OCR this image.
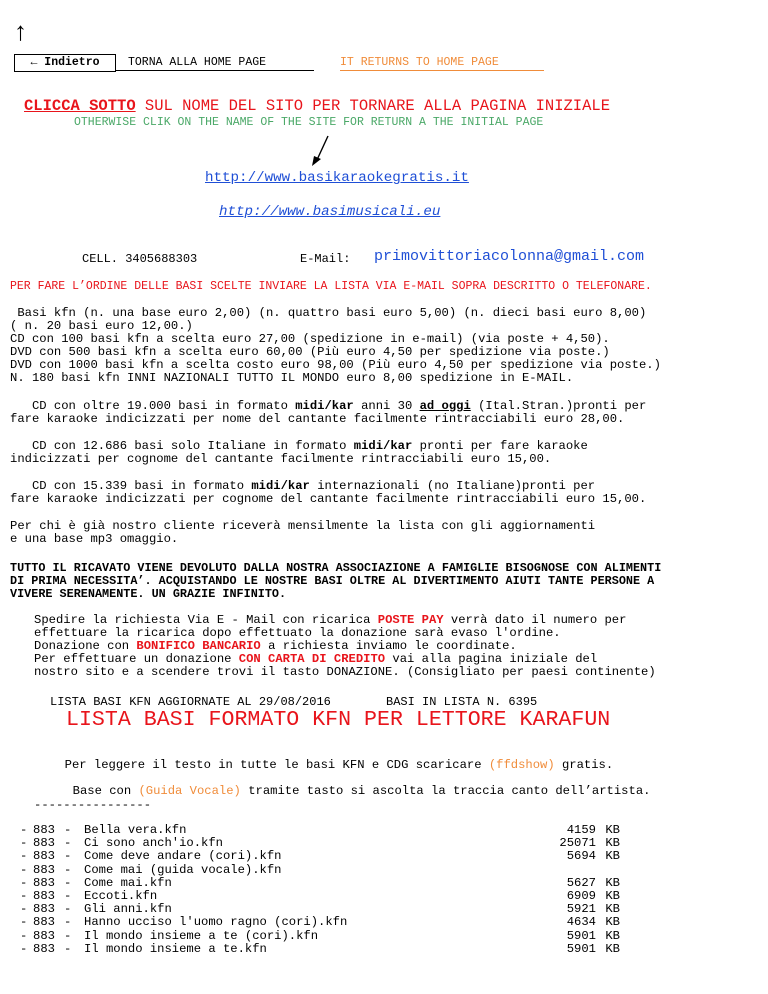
↑
← Indietro	TORNA ALLA HOME PAGE	IT RETURNS TO HOME PAGE
CLICCA SOTTO SUL NOME DEL SITO PER TORNARE ALLA PAGINA INIZIALE
OTHERWISE CLIK ON THE NAME OF THE SITE FOR RETURN A THE INITIAL PAGE
http://www.basikaraokegratis.it
http://www.basimusicali.eu
CELL. 3405688303	E-Mail: primovittoriacolonna@gmail.com
PER FARE L’ORDINE DELLE BASI SCELTE INVIARE LA LISTA VIA E-MAIL SOPRA DESCRITTO O TELEFONARE.
Basi kfn (n. una base euro 2,00) (n. quattro basi euro 5,00) (n. dieci basi euro 8,00)
( n. 20 basi euro 12,00.)
CD con 100 basi kfn a scelta euro 27,00 (spedizione in e-mail) (via poste + 4,50).
DVD con 500 basi kfn a scelta euro 60,00 (Più euro 4,50 per spedizione via poste.)
DVD con 1000 basi kfn a scelta costo euro 98,00 (Più euro 4,50 per spedizione via poste.)
N. 180 basi kfn INNI NAZIONALI TUTTO IL MONDO euro 8,00 spedizione in E-MAIL.
CD con oltre 19.000 basi in formato midi/kar anni 30 ad oggi (Ital.Stran.)pronti per
fare karaoke indicizzati per nome del cantante facilmente rintracciabili euro 28,00.
CD con 12.686 basi solo Italiane in formato midi/kar pronti per fare karaoke
indicizzati per cognome del cantante facilmente rintracciabili euro 15,00.
CD con 15.339 basi in formato midi/kar internazionali (no Italiane)pronti per
fare karaoke indicizzati per cognome del cantante facilmente rintracciabili euro 15,00.
Per chi è già nostro cliente riceverà mensilmente la lista con gli aggiornamenti
e una base mp3 omaggio.
TUTTO IL RICAVATO VIENE DEVOLUTO DALLA NOSTRA ASSOCIAZIONE A FAMIGLIE BISOGNOSE CON ALIMENTI
DI PRIMA NECESSITA’. ACQUISTANDO LE NOSTRE BASI OLTRE AL DIVERTIMENTO AIUTI TANTE PERSONE A
VIVERE SERENAMENTE. UN GRAZIE INFINITO.
Spedire la richiesta Via E - Mail con ricarica POSTE PAY verrà dato il numero per
effettuare la ricarica dopo effettuato la donazione sarà evaso l'ordine.
Donazione con BONIFICO BANCARIO a richiesta inviamo le coordinate.
Per effettuare un donazione CON CARTA DI CREDITO vai alla pagina iniziale del
nostro sito e a scendere trovi il tasto DONAZIONE. (Consigliato per paesi continente)
LISTA BASI KFN AGGIORNATE AL 29/08/2016	BASI IN LISTA N. 6395
LISTA BASI FORMATO KFN PER LETTORE KARAFUN

Per leggere il testo in tutte le basi KFN e CDG scaricare (ffdshow) gratis.

Base con (Guida Vocale) tramite tasto si ascolta la traccia canto dell’artista.

----------------
- 883 Bella vera.kfn	4159 KB
-
- 883 Ci sono anch'io.kfn	25071 KB
-
- 883 Come deve andare (cori).kfn	5694 KB
-
- 883 Come mai (guida vocale).kfn
-
- 883 Come mai.kfn	5627 KB
-
- 883 Eccoti.kfn	6909 KB
-
- 883 Gli anni.kfn	5921 KB
-
- 883 Hanno ucciso l'uomo ragno (cori).kfn	4634 KB
-
- 883 Il mondo insieme a te (cori).kfn	5901 KB
-
- 883 Il mondo insieme a te.kfn	5901 KB
-
